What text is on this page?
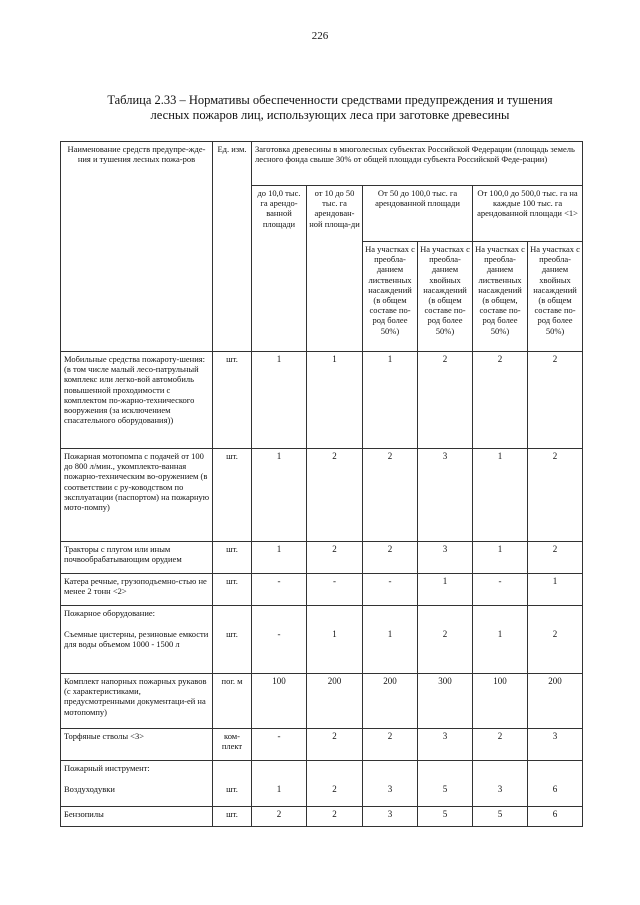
226
Таблица 2.33 – Нормативы обеспеченности средствами предупреждения и тушения
лесных пожаров лиц, использующих леса при заготовке древесины
Наименование средств предупре-ждения и тушения лесных пожа-ров	Ед. изм.	Заготовка древесины в многолесных субъектах Российской Федерации (площадь земель лесного фонда свыше 30% от общей площади субъекта Российской Феде-рации)					
		до 10,0 тыс. га арендо-ванной площади	от 10 до 50 тыс. га арендован-ной площа-ди	От 50 до 100,0 тыс. га арендованной площади		От 100,0 до 500,0 тыс. га на каждые 100 тыс. га арендованной площади <1>	
				На участках с преобла-данием лиственных насаждений (в общем составе по-род более 50%)	На участках с преобла-данием хвойных насаждений (в общем составе по-род более 50%)	На участках с преобла-данием лиственных насаждений (в общем, составе по-род более 50%)	На участках с преобла-данием хвойных насаждений (в общем составе по-род более 50%)
Мобильные средства пожароту-шения: (в том числе малый лесо-патрульный комплекс или легко-вой автомобиль повышенной проходимости с комплектом по-жарно-технического вооружения (за исключением спасательного оборудования))	шт.	1	1	1	2	2	2
Пожарная мотопомпа с подачей от 100 до 800 л/мин., укомплекто-ванная пожарно-техническим во-оружением (в соответствии с ру-ководством по эксплуатации (паспортом) на пожарную мото-помпу)	шт.	1	2	2	3	1	2
Тракторы с плугом или иным почвообрабатывающим орудием	шт.	1	2	2	3	1	2
Катера речные, грузоподъемно-стью не менее 2 тонн <2>	шт.	-	-	-	1	-	1

Пожарное оборудование:
Съемные цистерны, резиновые емкости для воды объемом 1000 - 1500 л	шт.	-	1	1	2	1	2
Комплект напорных пожарных рукавов (с характеристиками, предусмотренными документаци-ей на мотопомпу)	пог. м	100	200	200	300	100	200
Торфяные стволы <3>	ком-плект	-	2	2	3	2	3

Пожарный инструмент:
Воздуходувки	шт.	1	2	3	5	3	6
Бензопилы	шт.	2	2	3	5	5	6
